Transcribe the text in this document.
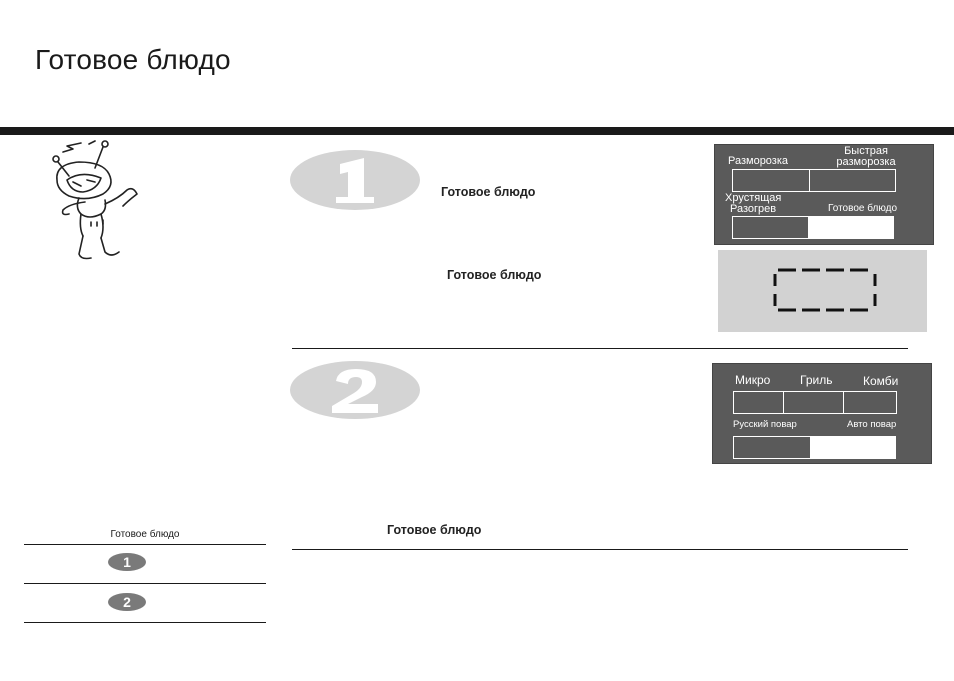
Готовое блюдо
Готовое блюдо
Готовое блюдо
Разморозка
Быстрая
разморозка
Хрустящая
Разогрев	Готовое блюдо
Микро Гриль	Комби
Русский повар	Авто повар
Готовое блюдо
Готовое блюдо
1
2
